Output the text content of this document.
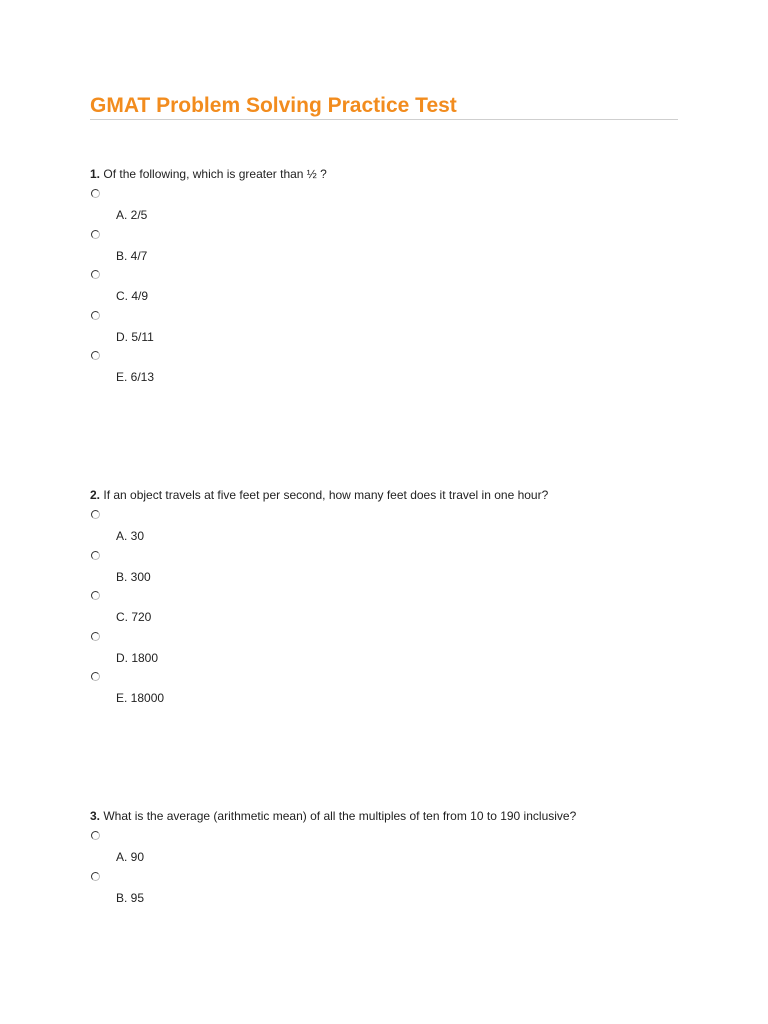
GMAT Problem Solving Practice Test

1. Of the following, which is greater than ½ ?

A. 2/5
B. 4/7
C. 4/9
D. 5/11
E. 6/13

2. If an object travels at five feet per second, how many feet does it travel in one hour?

A. 30
B. 300
C. 720
D. 1800
E. 18000

3. What is the average (arithmetic mean) of all the multiples of ten from 10 to 190 inclusive?

A. 90
B. 95
